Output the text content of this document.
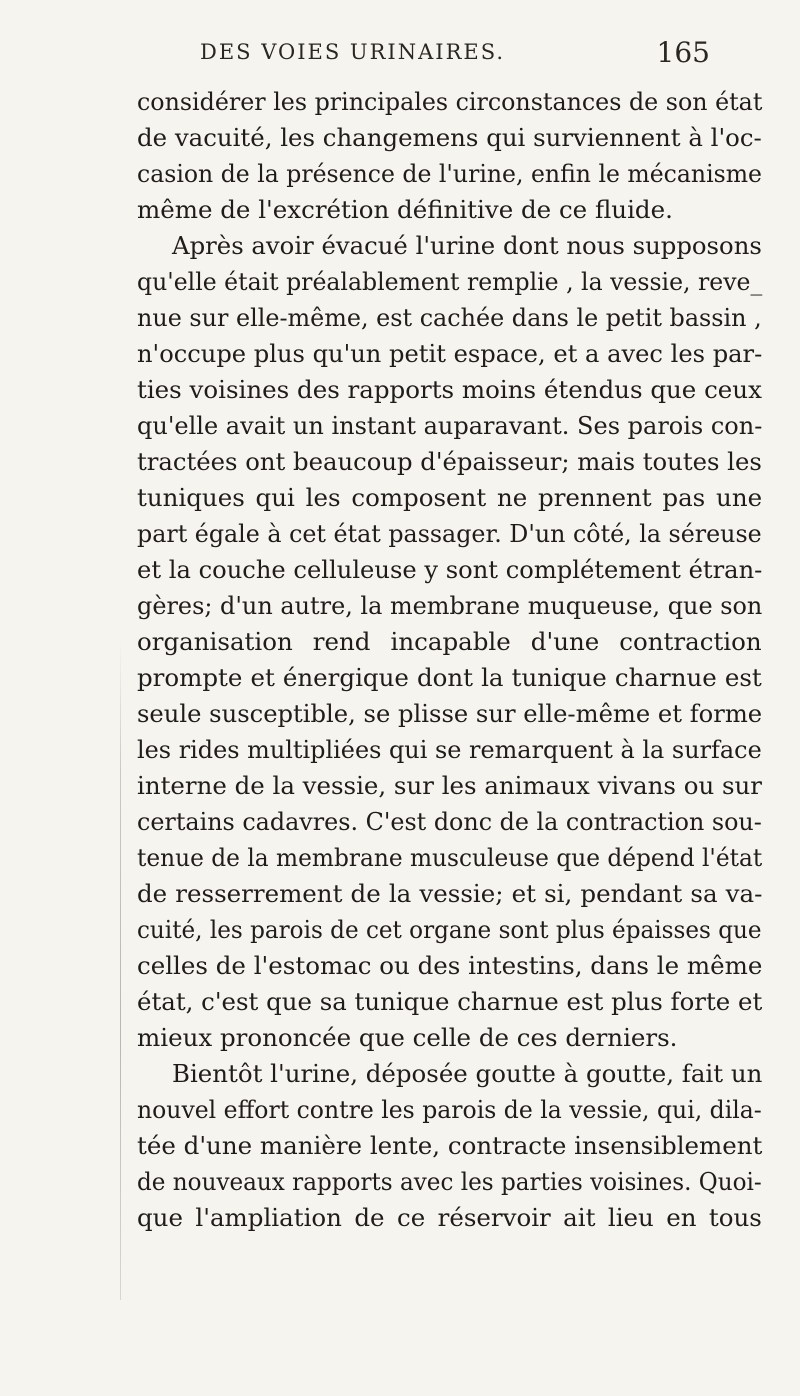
DES VOIES URINAIRES.	165
considérer les principales circonstances de son état
de vacuité, les changemens qui surviennent à l'oc-
casion de la présence de l'urine, enfin le mécanisme
même de l'excrétion définitive de ce fluide.
Après avoir évacué l'urine dont nous supposons
qu'elle était préalablement remplie , la vessie, reve_
nue sur elle-même, est cachée dans le petit bassin ,
n'occupe plus qu'un petit espace, et a avec les par-
ties voisines des rapports moins étendus que ceux
qu'elle avait un instant auparavant. Ses parois con-
tractées ont beaucoup d'épaisseur; mais toutes les
tuniques qui les composent ne prennent pas une
part égale à cet état passager. D'un côté, la séreuse
et la couche celluleuse y sont complétement étran-
gères; d'un autre, la membrane muqueuse, que son
organisation rend incapable d'une contraction
prompte et énergique dont la tunique charnue est
seule susceptible, se plisse sur elle-même et forme
les rides multipliées qui se remarquent à la surface
interne de la vessie, sur les animaux vivans ou sur
certains cadavres. C'est donc de la contraction sou-
tenue de la membrane musculeuse que dépend l'état
de resserrement de la vessie; et si, pendant sa va-
cuité, les parois de cet organe sont plus épaisses que
celles de l'estomac ou des intestins, dans le même
état, c'est que sa tunique charnue est plus forte et
mieux prononcée que celle de ces derniers.
Bientôt l'urine, déposée goutte à goutte, fait un
nouvel effort contre les parois de la vessie, qui, dila-
tée d'une manière lente, contracte insensiblement
de nouveaux rapports avec les parties voisines. Quoi-
que l'ampliation de ce réservoir ait lieu en tous
